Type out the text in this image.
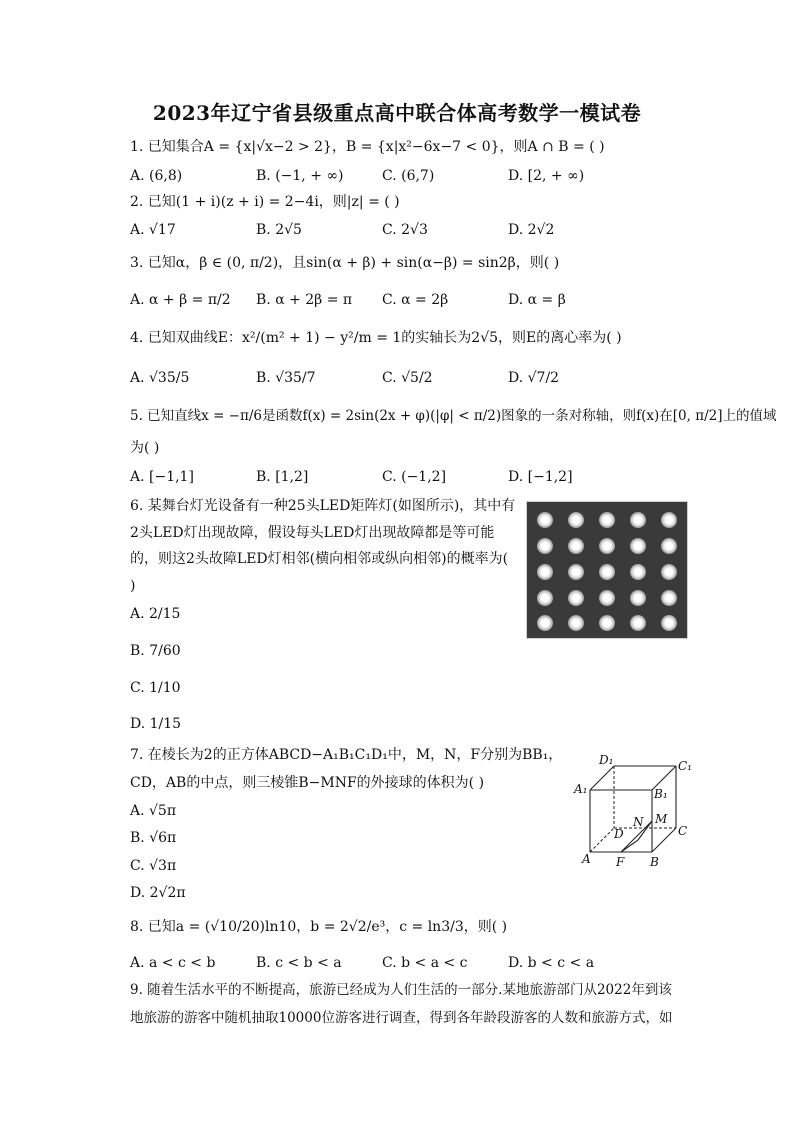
2023年辽宁省县级重点高中联合体高考数学一模试卷
1. 已知集合A = {x|√x−2 > 2}，B = {x|x²−6x−7 < 0}，则A ∩ B = ( )
A. (6,8)	B. (−1, + ∞)	C. (6,7)	D. [2, + ∞)
2. 已知(1 + i)(z + i) = 2−4i，则|z| = ( )
A. √17	B. 2√5	C. 2√3	D. 2√2
3. 已知α，β ∈ (0, π/2)，且sin(α + β) + sin(α−β) = sin2β，则( )
A. α + β = π/2 B. α + 2β = π C. α = 2β	D. α = β
4. 已知双曲线E：x²/(m² + 1) − y²/m = 1的实轴长为2√5，则E的离心率为( )
A. √35/5	B. √35/7	C. √5/2	D. √7/2
5. 已知直线x = −π/6是函数f(x) = 2sin(2x + φ)(|φ| < π/2)图象的一条对称轴，则f(x)在[0, π/2]上的值域
为( )
A. [−1,1]	B. [1,2]	C. (−1,2]	D. [−1,2]
6. 某舞台灯光设备有一种25头LED矩阵灯(如图所示)，其中有2头LED灯出现故障，假设每头LED灯出现故障都是等可能的，则这2头故障LED灯相邻(横向相邻或纵向相邻)的概率为( )
A. 2/15
B. 7/60
C. 1/10
D. 1/15
7. 在棱长为2的正方体ABCD−A₁B₁C₁D₁中，M，N，F分别为BB₁，
CD，AB的中点，则三棱锥B−MNF的外接球的体积为( )
A. √5π
B. √6π
C. √3π
D. 2√2π
D₁	C₁
A₁	B₁
N M
D	C
A F B
8. 已知a = (√10/20)ln10，b = 2√2/e³，c = ln3/3，则( )
A. a < c < b	B. c < b < a	C. b < a < c	D. b < c < a
9. 随着生活水平的不断提高，旅游已经成为人们生活的一部分.某地旅游部门从2022年到该
地旅游的游客中随机抽取10000位游客进行调查，得到各年龄段游客的人数和旅游方式，如
